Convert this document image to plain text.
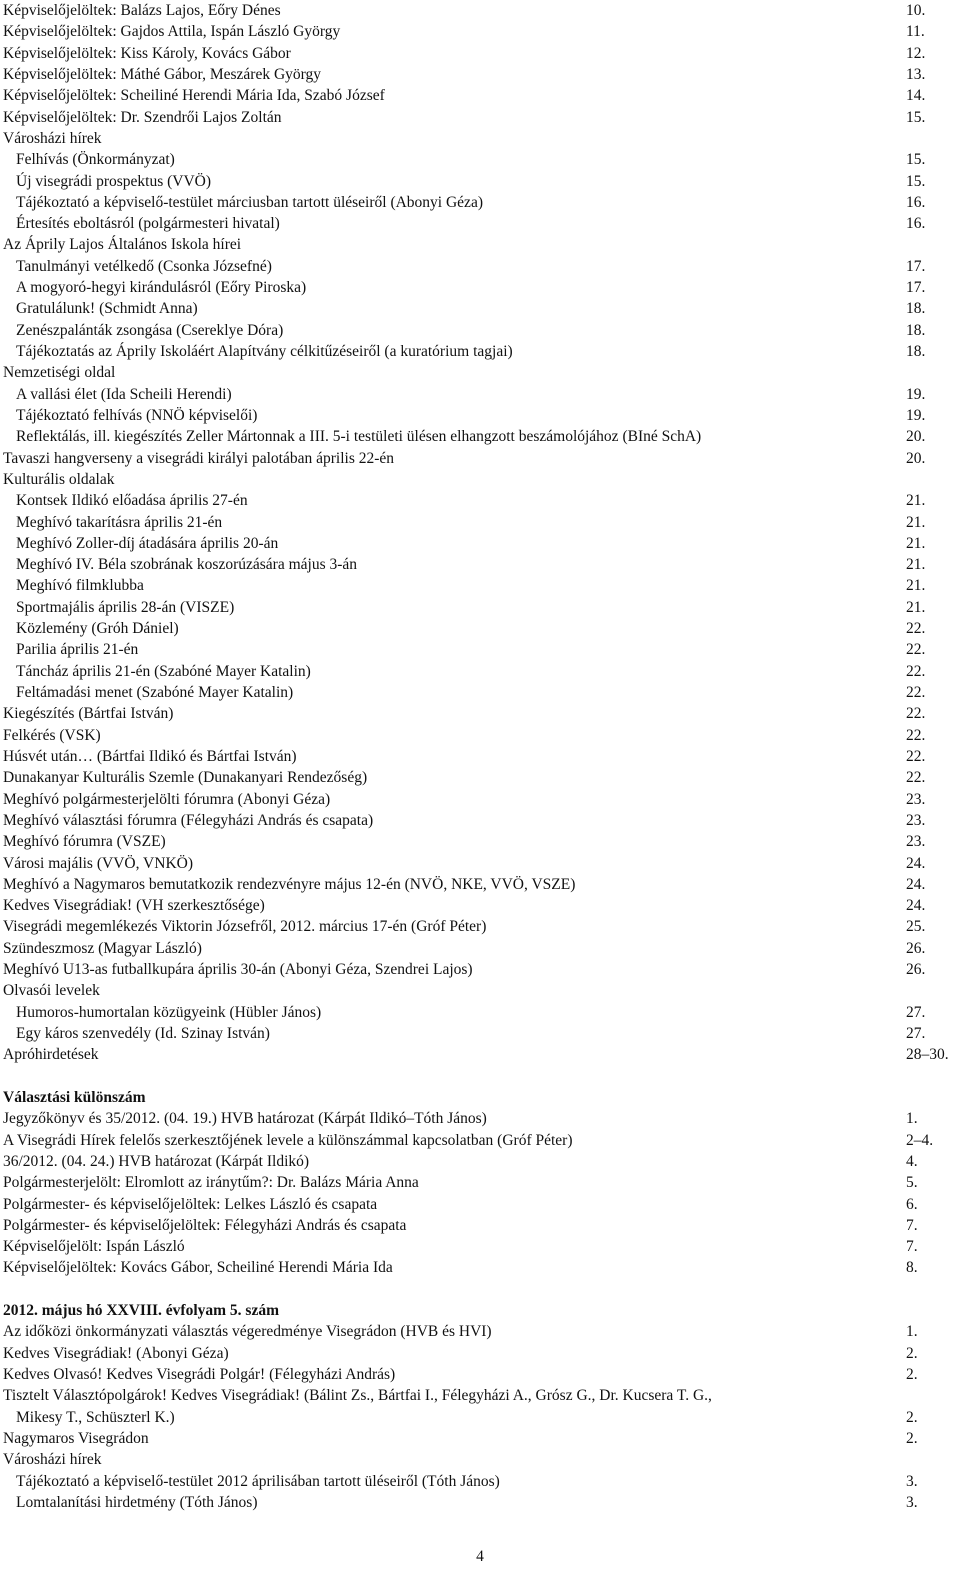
Képviselőjelöltek: Balázs Lajos, Eőry Dénes	10.
Képviselőjelöltek: Gajdos Attila, Ispán László György	11.
Képviselőjelöltek: Kiss Károly, Kovács Gábor	12.
Képviselőjelöltek: Máthé Gábor, Meszárek György	13.
Képviselőjelöltek: Scheiliné Herendi Mária Ida, Szabó József	14.
Képviselőjelöltek: Dr. Szendrői Lajos Zoltán	15.
Városházi hírek
Felhívás (Önkormányzat)	15.
Új visegrádi prospektus (VVÖ)	15.
Tájékoztató a képviselő-testület márciusban tartott üléseiről (Abonyi Géza)	16.
Értesítés eboltásról (polgármesteri hivatal)	16.
Az Áprily Lajos Általános Iskola hírei
Tanulmányi vetélkedő (Csonka Józsefné)	17.
A mogyoró-hegyi kirándulásról (Eőry Piroska)	17.
Gratulálunk! (Schmidt Anna)	18.
Zenészpalánták zsongása (Csereklye Dóra)	18.
Tájékoztatás az Áprily Iskoláért Alapítvány célkitűzéseiről (a kuratórium tagjai)	18.
Nemzetiségi oldal
A vallási élet (Ida Scheili Herendi)	19.
Tájékoztató felhívás (NNÖ képviselői)	19.
Reflektálás, ill. kiegészítés Zeller Mártonnak a III. 5-i testületi ülésen elhangzott beszámolójához (BIné SchA)	20.
Tavaszi hangverseny a visegrádi királyi palotában április 22-én	20.
Kulturális oldalak
Kontsek Ildikó előadása április 27-én	21.
Meghívó takarításra április 21-én	21.
Meghívó Zoller-díj átadására április 20-án	21.
Meghívó IV. Béla szobrának koszorúzására május 3-án	21.
Meghívó filmklubba	21.
Sportmajális április 28-án (VISZE)	21.
Közlemény (Gróh Dániel)	22.
Parilia április 21-én	22.
Táncház április 21-én (Szabóné Mayer Katalin)	22.
Feltámadási menet (Szabóné Mayer Katalin)	22.
Kiegészítés (Bártfai István)	22.
Felkérés (VSK)	22.
Húsvét után… (Bártfai Ildikó és Bártfai István)	22.
Dunakanyar Kulturális Szemle (Dunakanyari Rendezőség)	22.
Meghívó polgármesterjelölti fórumra (Abonyi Géza)	23.
Meghívó választási fórumra (Félegyházi András és csapata)	23.
Meghívó fórumra (VSZE)	23.
Városi majális (VVÖ, VNKÖ)	24.
Meghívó a Nagymaros bemutatkozik rendezvényre május 12-én (NVÖ, NKE, VVÖ, VSZE)	24.
Kedves Visegrádiak! (VH szerkesztősége)	24.
Visegrádi megemlékezés Viktorin Józsefről, 2012. március 17-én (Gróf Péter)	25.
Szündeszmosz (Magyar László)	26.
Meghívó U13-as futballkupára április 30-án (Abonyi Géza, Szendrei Lajos)	26.
Olvasói levelek
Humoros-humortalan közügyeink (Hübler János)	27.
Egy káros szenvedély (Id. Szinay István)	27.
Apróhirdetések	28–30.
Választási különszám
Jegyzőkönyv és 35/2012. (04. 19.) HVB határozat (Kárpát Ildikó–Tóth János)	1.
A Visegrádi Hírek felelős szerkesztőjének levele a különszámmal kapcsolatban (Gróf Péter)	2–4.
36/2012. (04. 24.) HVB határozat (Kárpát Ildikó)	4.
Polgármesterjelölt: Elromlott az iránytűm?: Dr. Balázs Mária Anna	5.
Polgármester- és képviselőjelöltek: Lelkes László és csapata	6.
Polgármester- és képviselőjelöltek: Félegyházi András és csapata	7.
Képviselőjelölt: Ispán László	7.
Képviselőjelöltek: Kovács Gábor, Scheiliné Herendi Mária Ida	8.
2012. május hó XXVIII. évfolyam 5. szám
Az időközi önkormányzati választás végeredménye Visegrádon (HVB és HVI)	1.
Kedves Visegrádiak! (Abonyi Géza)	2.
Kedves Olvasó! Kedves Visegrádi Polgár! (Félegyházi András)	2.
Tisztelt Választópolgárok! Kedves Visegrádiak! (Bálint Zs., Bártfai I., Félegyházi A., Grósz G., Dr. Kucsera T. G.,
Mikesy T., Schüszterl K.)	2.
Nagymaros Visegrádon	2.
Városházi hírek
Tájékoztató a képviselő-testület 2012 áprilisában tartott üléseiről (Tóth János)	3.
Lomtalanítási hirdetmény (Tóth János)	3.
4
